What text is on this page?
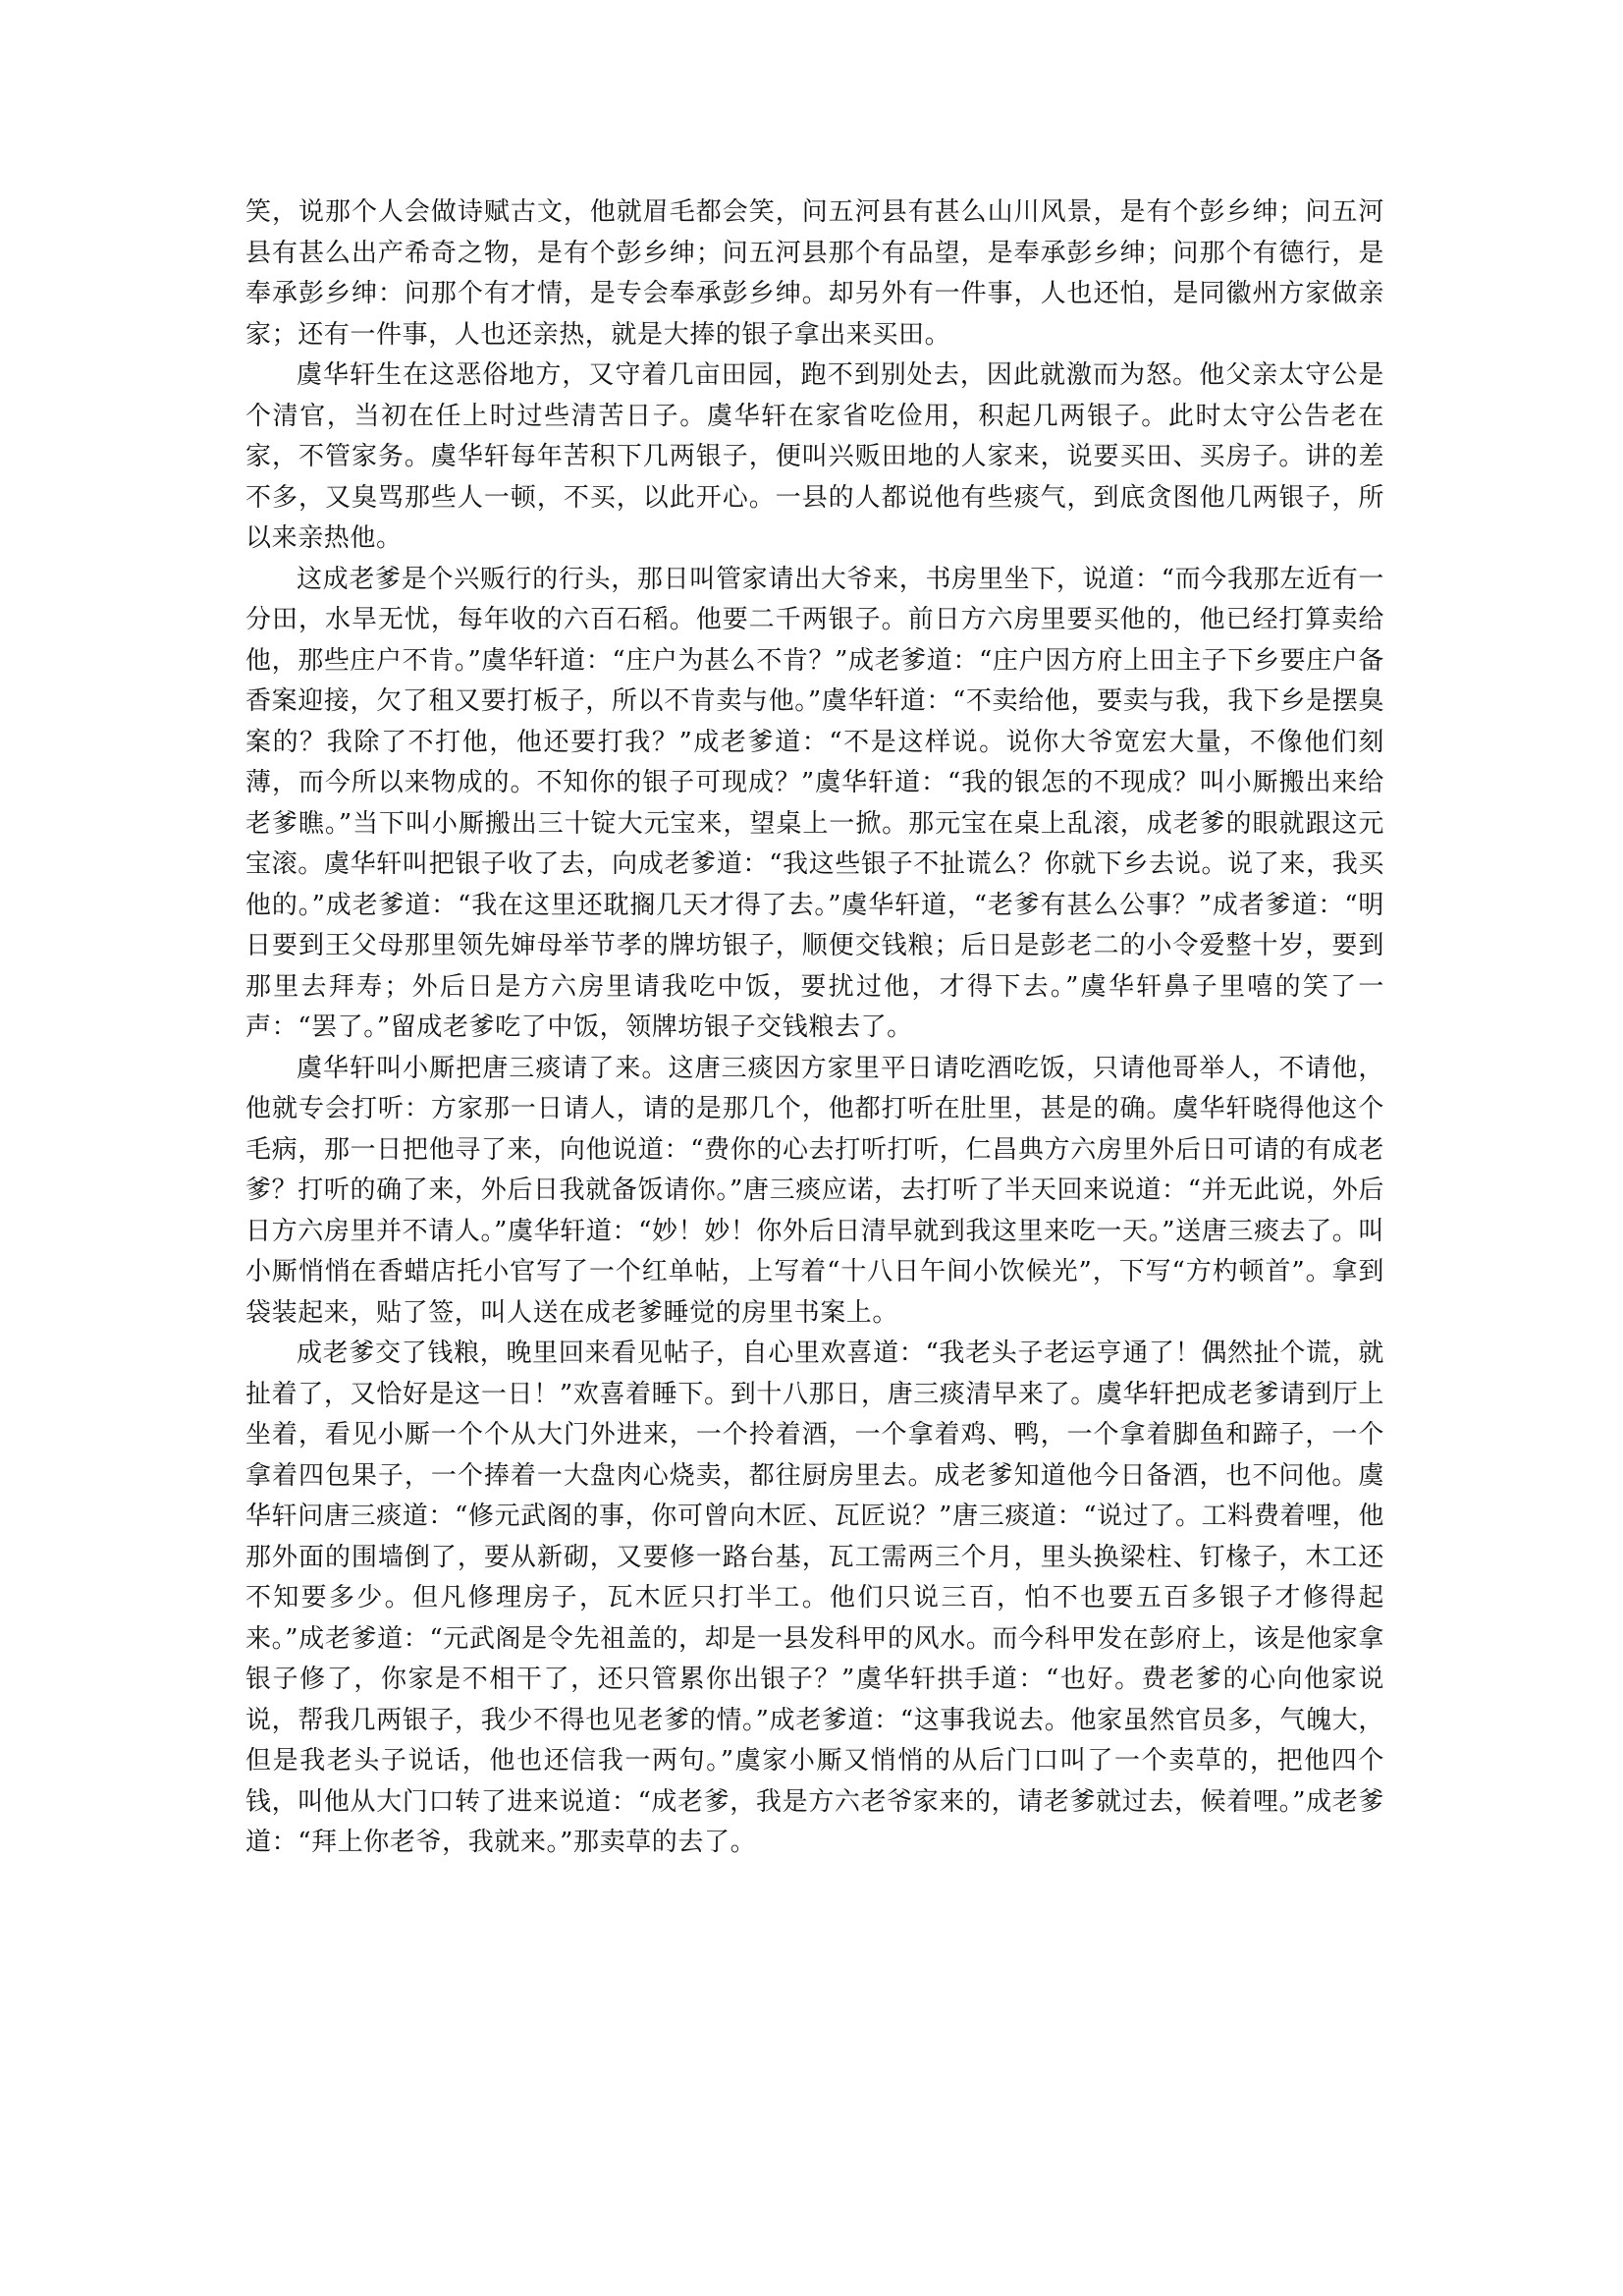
笑，说那个人会做诗赋古文，他就眉毛都会笑，问五河县有甚么山川风景，是有个彭乡绅；问五河县有甚么出产希奇之物，是有个彭乡绅；问五河县那个有品望，是奉承彭乡绅；问那个有德行，是奉承彭乡绅：问那个有才情，是专会奉承彭乡绅。却另外有一件事，人也还怕，是同徽州方家做亲家；还有一件事，人也还亲热，就是大捧的银子拿出来买田。

虞华轩生在这恶俗地方，又守着几亩田园，跑不到别处去，因此就激而为怒。他父亲太守公是个清官，当初在任上时过些清苦日子。虞华轩在家省吃俭用，积起几两银子。此时太守公告老在家，不管家务。虞华轩每年苦积下几两银子，便叫兴贩田地的人家来，说要买田、买房子。讲的差不多，又臭骂那些人一顿，不买，以此开心。一县的人都说他有些痰气，到底贪图他几两银子，所以来亲热他。

这成老爹是个兴贩行的行头，那日叫管家请出大爷来，书房里坐下，说道：“而今我那左近有一分田，水旱无忧，每年收的六百石稻。他要二千两银子。前日方六房里要买他的，他已经打算卖给他，那些庄户不肯。”虞华轩道：“庄户为甚么不肯？”成老爹道：“庄户因方府上田主子下乡要庄户备香案迎接，欠了租又要打板子，所以不肯卖与他。”虞华轩道：“不卖给他，要卖与我，我下乡是摆臭案的？我除了不打他，他还要打我？”成老爹道：“不是这样说。说你大爷宽宏大量，不像他们刻薄，而今所以来物成的。不知你的银子可现成？”虞华轩道：“我的银怎的不现成？叫小厮搬出来给老爹瞧。”当下叫小厮搬出三十锭大元宝来，望桌上一掀。那元宝在桌上乱滚，成老爹的眼就跟这元宝滚。虞华轩叫把银子收了去，向成老爹道：“我这些银子不扯谎么？你就下乡去说。说了来，我买他的。”成老爹道：“我在这里还耽搁几天才得了去。”虞华轩道，“老爹有甚么公事？”成者爹道：“明日要到王父母那里领先婶母举节孝的牌坊银子，顺便交钱粮；后日是彭老二的小令爱整十岁，要到那里去拜寿；外后日是方六房里请我吃中饭，要扰过他，才得下去。”虞华轩鼻子里嘻的笑了一声：“罢了。”留成老爹吃了中饭，领牌坊银子交钱粮去了。

虞华轩叫小厮把唐三痰请了来。这唐三痰因方家里平日请吃酒吃饭，只请他哥举人，不请他，他就专会打听：方家那一日请人，请的是那几个，他都打听在肚里，甚是的确。虞华轩晓得他这个毛病，那一日把他寻了来，向他说道：“费你的心去打听打听，仁昌典方六房里外后日可请的有成老爹？打听的确了来，外后日我就备饭请你。”唐三痰应诺，去打听了半天回来说道：“并无此说，外后日方六房里并不请人。”虞华轩道：“妙！妙！你外后日清早就到我这里来吃一天。”送唐三痰去了。叫小厮悄悄在香蜡店托小官写了一个红单帖，上写着“十八日午间小饮候光”，下写“方杓顿首”。拿到袋装起来，贴了签，叫人送在成老爹睡觉的房里书案上。

成老爹交了钱粮，晚里回来看见帖子，自心里欢喜道：“我老头子老运亨通了！偶然扯个谎，就扯着了，又恰好是这一日！”欢喜着睡下。到十八那日，唐三痰清早来了。虞华轩把成老爹请到厅上坐着，看见小厮一个个从大门外进来，一个拎着酒，一个拿着鸡、鸭，一个拿着脚鱼和蹄子，一个拿着四包果子，一个捧着一大盘肉心烧卖，都往厨房里去。成老爹知道他今日备酒，也不问他。虞华轩问唐三痰道：“修元武阁的事，你可曾向木匠、瓦匠说？”唐三痰道：“说过了。工料费着哩，他那外面的围墙倒了，要从新砌，又要修一路台基，瓦工需两三个月，里头换梁柱、钉椽子，木工还不知要多少。但凡修理房子，瓦木匠只打半工。他们只说三百，怕不也要五百多银子才修得起来。”成老爹道：“元武阁是令先祖盖的，却是一县发科甲的风水。而今科甲发在彭府上，该是他家拿银子修了，你家是不相干了，还只管累你出银子？”虞华轩拱手道：“也好。费老爹的心向他家说说，帮我几两银子，我少不得也见老爹的情。”成老爹道：“这事我说去。他家虽然官员多，气魄大，但是我老头子说话，他也还信我一两句。”虞家小厮又悄悄的从后门口叫了一个卖草的，把他四个钱，叫他从大门口转了进来说道：“成老爹，我是方六老爷家来的，请老爹就过去，候着哩。”成老爹道：“拜上你老爷，我就来。”那卖草的去了。
